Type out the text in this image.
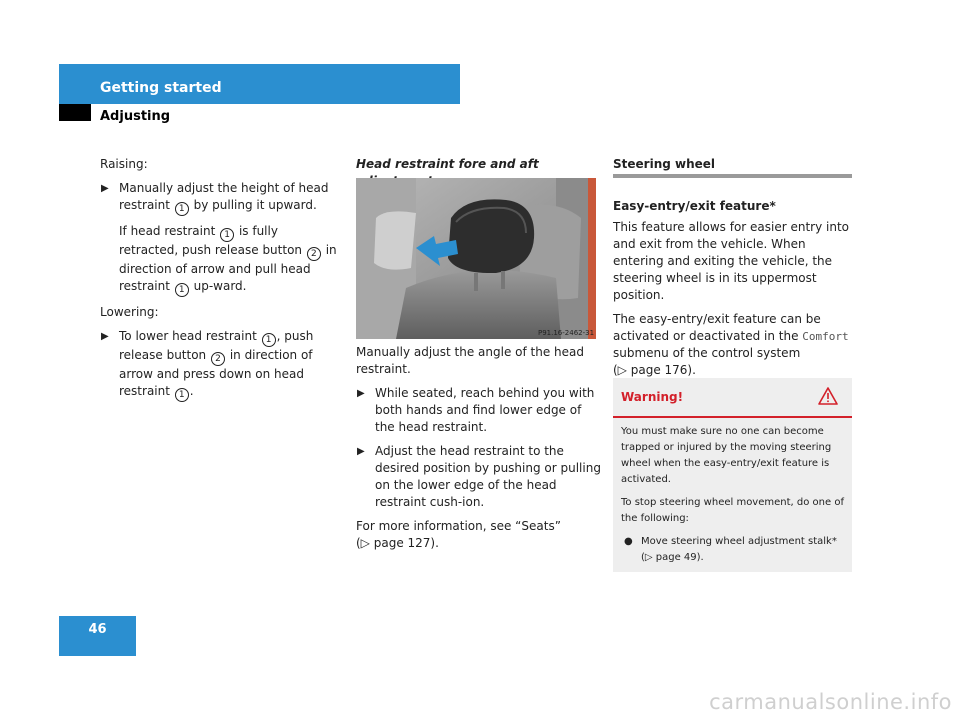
Getting started
Adjusting

Raising:

▶ Manually adjust the height of head restraint 1 by pulling it upward.
If head restraint 1 is fully retracted, push release button 2 in direction of arrow and pull head restraint 1 up-ward.

Lowering:

▶ To lower head restraint 1 , push release button 2 in direction of arrow and press down on head restraint 1 .
Head restraint fore and aft
P91.16-2462-31

Manually adjust the angle of the head restraint.

▶ While seated, reach behind you with both hands and find lower edge of the head restraint.
▶ Adjust the head restraint to the desired position by pushing or pulling on the lower edge of the head restraint cush-ion.

For more information, see “Seats”
(▷ page 127).

Steering wheel

Easy-entry/exit feature*

This feature allows for easier entry into and exit from the vehicle. When entering and exiting the vehicle, the steering wheel is in its uppermost position.

The easy-entry/exit feature can be activated or deactivated in the Comfort submenu of the control system
(▷ page 176).

Warning!

You must make sure no one can become trapped or injured by the moving steering wheel when the easy-entry/exit feature is activated.

To stop steering wheel movement, do one of the following:

● Move steering wheel adjustment stalk*
(▷ page 49).
46
carmanualsonline.info
